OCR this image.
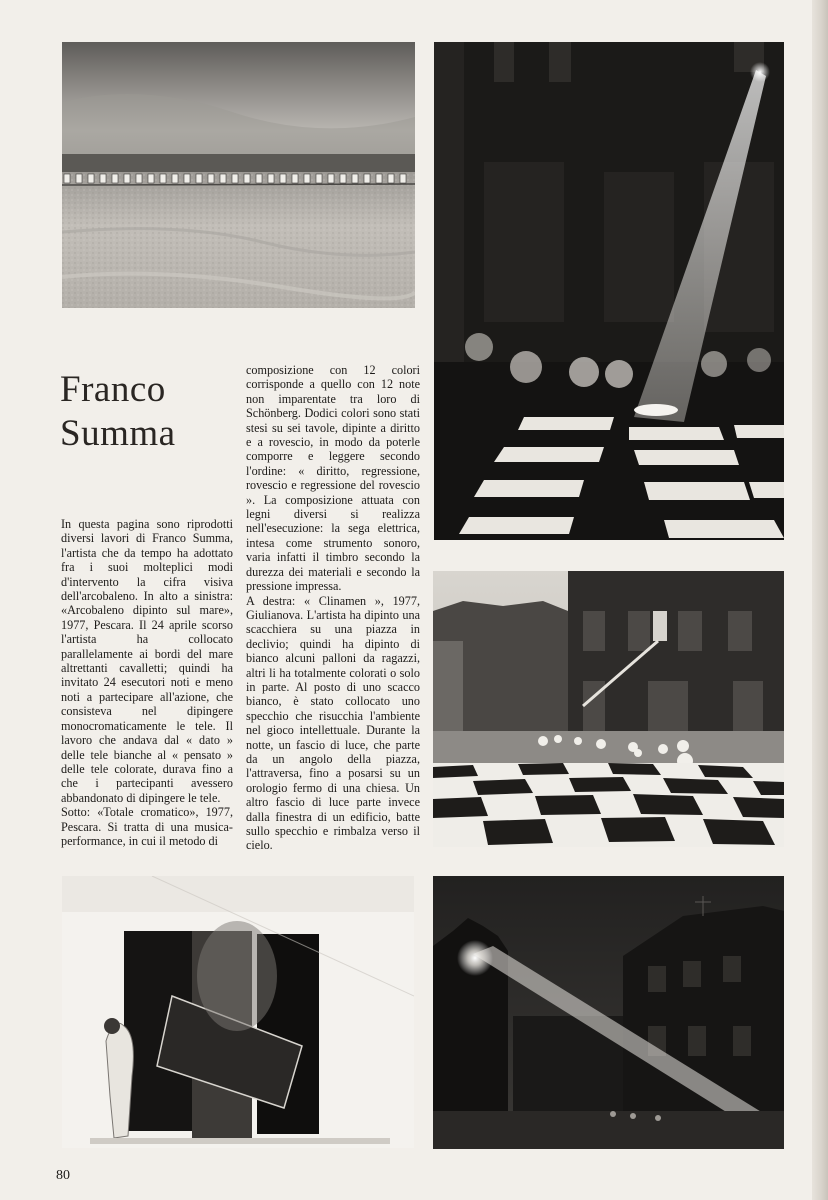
Franco
Summa

In questa pagina sono riprodotti diversi lavori di Franco Summa, l'artista che da tempo ha adottato fra i suoi molteplici modi d'intervento la cifra visiva dell'arcobaleno. In alto a sinistra: «Arcobaleno dipinto sul mare», 1977, Pescara. Il 24 aprile scorso l'artista ha collocato parallelamente ai bordi del mare altrettanti cavalletti; quindi ha invitato 24 esecutori noti e meno noti a partecipare all'azione, che consisteva nel dipingere monocromaticamente le tele. Il lavoro che andava dal « dato » delle tele bianche al « pensato » delle tele colorate, durava fino a che i partecipanti avessero abbandonato di dipingere le tele.

Sotto: «Totale cromatico», 1977, Pescara. Si tratta di una musica-performance, in cui il metodo di

composizione con 12 colori corrisponde a quello con 12 note non imparentate tra loro di Schönberg. Dodici colori sono stati stesi su sei tavole, dipinte a diritto e a rovescio, in modo da poterle comporre e leggere secondo l'ordine: « diritto, regressione, rovescio e regressione del rovescio ». La composizione attuata con legni diversi si realizza nell'esecuzione: la sega elettrica, intesa come strumento sonoro, varia infatti il timbro secondo la durezza dei materiali e secondo la pressione impressa.

A destra: « Clinamen », 1977, Giulianova. L'artista ha dipinto una scacchiera su una piazza in declivio; quindi ha dipinto di bianco alcuni palloni da ragazzi, altri li ha totalmente colorati o solo in parte. Al posto di uno scacco bianco, è stato collocato uno specchio che risucchia l'ambiente nel gioco intellettuale. Durante la notte, un fascio di luce, che parte da un angolo della piazza, l'attraversa, fino a posarsi su un orologio fermo di una chiesa. Un altro fascio di luce parte invece dalla finestra di un edificio, batte sullo specchio e rimbalza verso il cielo.

80
